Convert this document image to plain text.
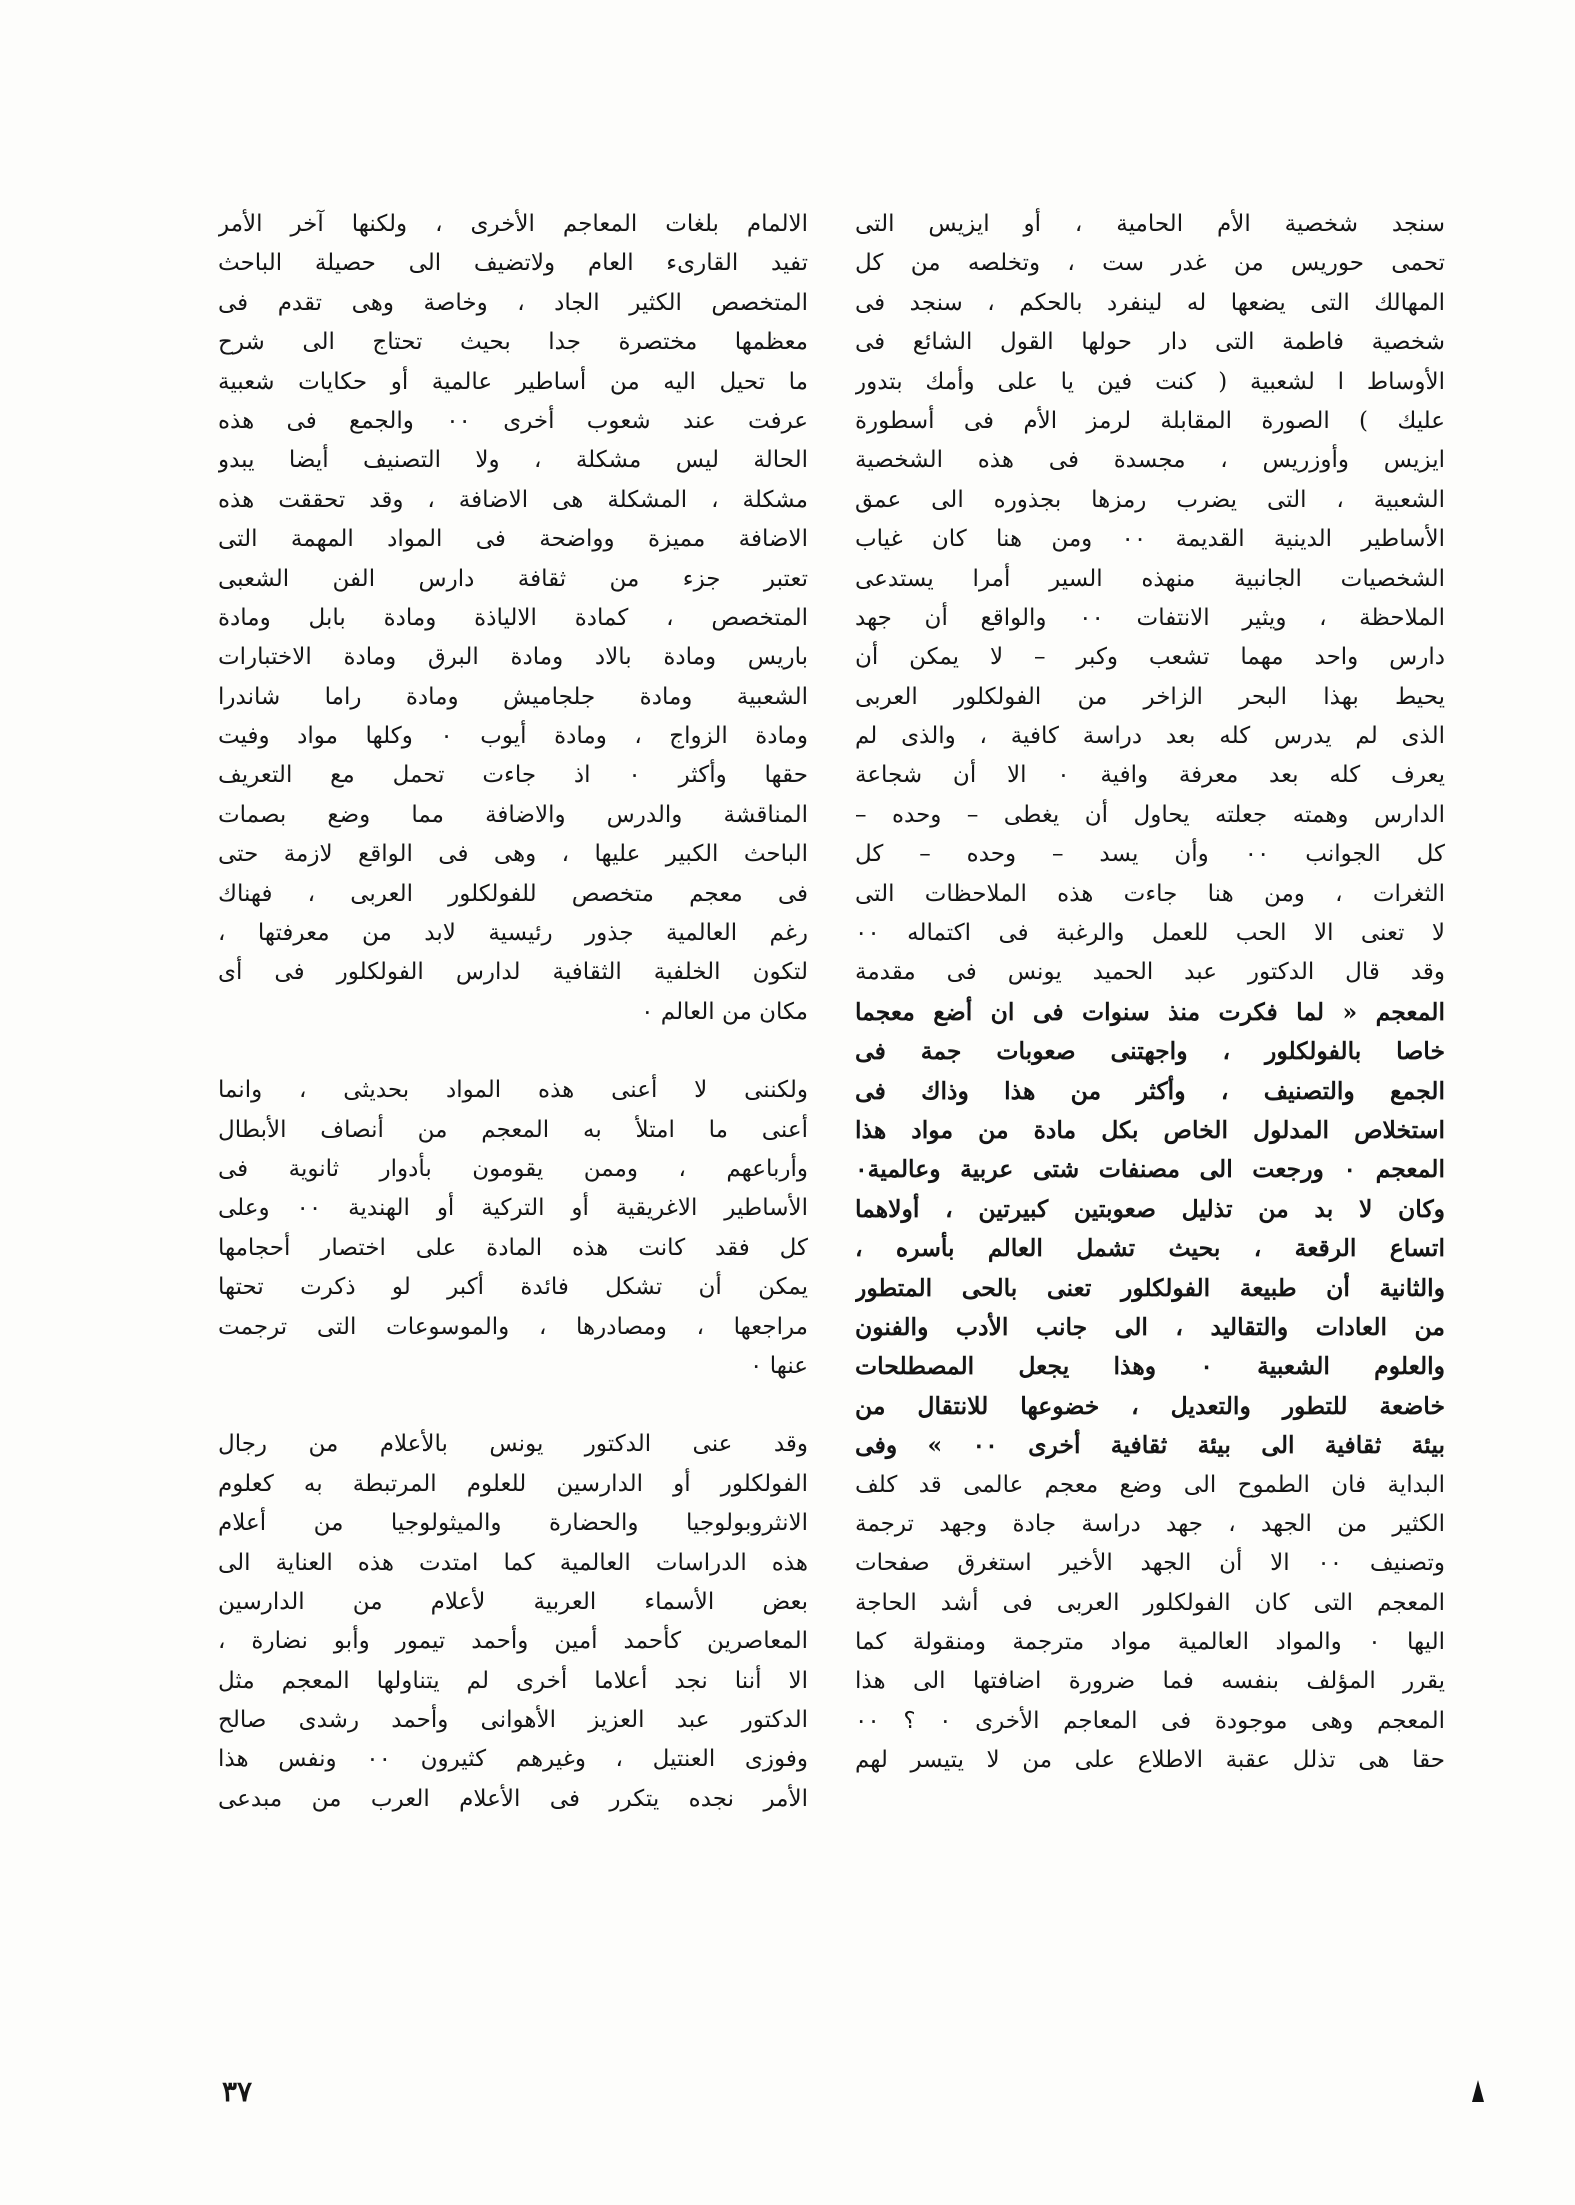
سنجد شخصية الأم الحامية ، أو ايزيس التى
تحمى حوريس من غدر ست ، وتخلصه من كل
المهالك التى يضعها له لينفرد بالحكم ، سنجد فى
شخصية فاطمة التى دار حولها القول الشائع فى
الأوساط ا لشعبية ( كنت فين يا على وأمك بتدور
عليك ) الصورة المقابلة لرمز الأم فى أسطورة
ايزيس وأوزريس ، مجسدة فى هذه الشخصية
الشعبية ، التى يضرب رمزها بجذوره الى عمق
الأساطير الدينية القديمة ٠٠ ومن هنا كان غياب
الشخصيات الجانبية منهذه السير أمرا يستدعى
الملاحظة ، ويثير الانتفات ٠٠ والواقع أن جهد
دارس واحد مهما تشعب وكبر – لا يمكن أن
يحيط بهذا البحر الزاخر من الفولكلور العربى
الذى لم يدرس كله بعد دراسة كافية ، والذى لم
يعرف كله بعد معرفة وافية ٠ الا أن شجاعة
الدارس وهمته جعلته يحاول أن يغطى – وحده –
كل الجوانب ٠٠ وأن يسد – وحده – كل
الثغرات ، ومن هنا جاءت هذه الملاحظات التى
لا تعنى الا الحب للعمل والرغبة فى اكتماله ٠٠
وقد قال الدكتور عبد الحميد يونس فى مقدمة
المعجم « لما فكرت منذ سنوات فى ان أضع معجما
خاصا بالفولكلور ، واجهتنى صعوبات جمة فى
الجمع والتصنيف ، وأكثر من هذا وذاك فى
استخلاص المدلول الخاص بكل مادة من مواد هذا
المعجم ٠ ورجعت الى مصنفات شتى عربية وعالمية٠
وكان لا بد من تذليل صعوبتين كبيرتين ، أولاهما
اتساع الرقعة ، بحيث تشمل العالم بأسره ،
والثانية أن طبيعة الفولكلور تعنى بالحى المتطور
من العادات والتقاليد ، الى جانب الأدب والفنون
والعلوم الشعبية ٠ وهذا يجعل المصطلحات
خاضعة للتطور والتعديل ، خضوعها للانتقال من
بيئة ثقافية الى بيئة ثقافية أخرى ٠٠ » وفى
البداية فان الطموح الى وضع معجم عالمى قد كلف
الكثير من الجهد ، جهد دراسة جادة وجهد ترجمة
وتصنيف ٠٠ الا أن الجهد الأخير استغرق صفحات
المعجم التى كان الفولكلور العربى فى أشد الحاجة
اليها ٠ والمواد العالمية مواد مترجمة ومنقولة كما
يقرر المؤلف بنفسه فما ضرورة اضافتها الى هذا
المعجم وهى موجودة فى المعاجم الأخرى ٠ ؟ ٠٠
حقا هى تذلل عقبة الاطلاع على من لا يتيسر لهم
الالمام بلغات المعاجم الأخرى ، ولكنها آخر الأمر
تفيد القارىء العام ولاتضيف الى حصيلة الباحث
المتخصص الكثير الجاد ، وخاصة وهى تقدم فى
معظمها مختصرة جدا بحيث تحتاج الى شرح
ما تحيل اليه من أساطير عالمية أو حكايات شعبية
عرفت عند شعوب أخرى ٠٠ والجمع فى هذه
الحالة ليس مشكلة ، ولا التصنيف أيضا يبدو
مشكلة ، المشكلة هى الاضافة ، وقد تحققت هذه
الاضافة مميزة وواضحة فى المواد المهمة التى
تعتبر جزء من ثقافة دارس الفن الشعبى
المتخصص ، كمادة الالياذة ومادة بابل ومادة
باريس ومادة بالاد ومادة البرق ومادة الاختبارات
الشعبية ومادة جلجاميش ومادة راما شاندرا
ومادة الزواج ، ومادة أيوب ٠ وكلها مواد وفيت
حقها وأكثر ٠ اذ جاءت تحمل مع التعريف
المناقشة والدرس والاضافة مما وضع بصمات
الباحث الكبير عليها ، وهى فى الواقع لازمة حتى
فى معجم متخصص للفولكلور العربى ، فهناك
رغم العالمية جذور رئيسية لابد من معرفتها ،
لتكون الخلفية الثقافية لدارس الفولكلور فى أى
مكان من العالم ٠
ولكننى لا أعنى هذه المواد بحديثى ، وانما
أعنى ما امتلأ به المعجم من أنصاف الأبطال
وأرباعهم ، وممن يقومون بأدوار ثانوية فى
الأساطير الاغريقية أو التركية أو الهندية ٠٠ وعلى
كل فقد كانت هذه المادة على اختصار أحجامها
يمكن أن تشكل فائدة أكبر لو ذكرت تحتها
مراجعها ، ومصادرها ، والموسوعات التى ترجمت
عنها ٠
وقد عنى الدكتور يونس بالأعلام من رجال
الفولكلور أو الدارسين للعلوم المرتبطة به كعلوم
الانثروبولوجيا والحضارة والميثولوجيا من أعلام
هذه الدراسات العالمية كما امتدت هذه العناية الى
بعض الأسماء العربية لأعلام من الدارسين
المعاصرين كأحمد أمين وأحمد تيمور وأبو نضارة ،
الا أننا نجد أعلاما أخرى لم يتناولها المعجم مثل
الدكتور عبد العزيز الأهوانى وأحمد رشدى صالح
وفوزى العنتيل ، وغيرهم كثيرون ٠٠ ونفس هذا
الأمر نجده يتكرر فى الأعلام العرب من مبدعى
٣٧
